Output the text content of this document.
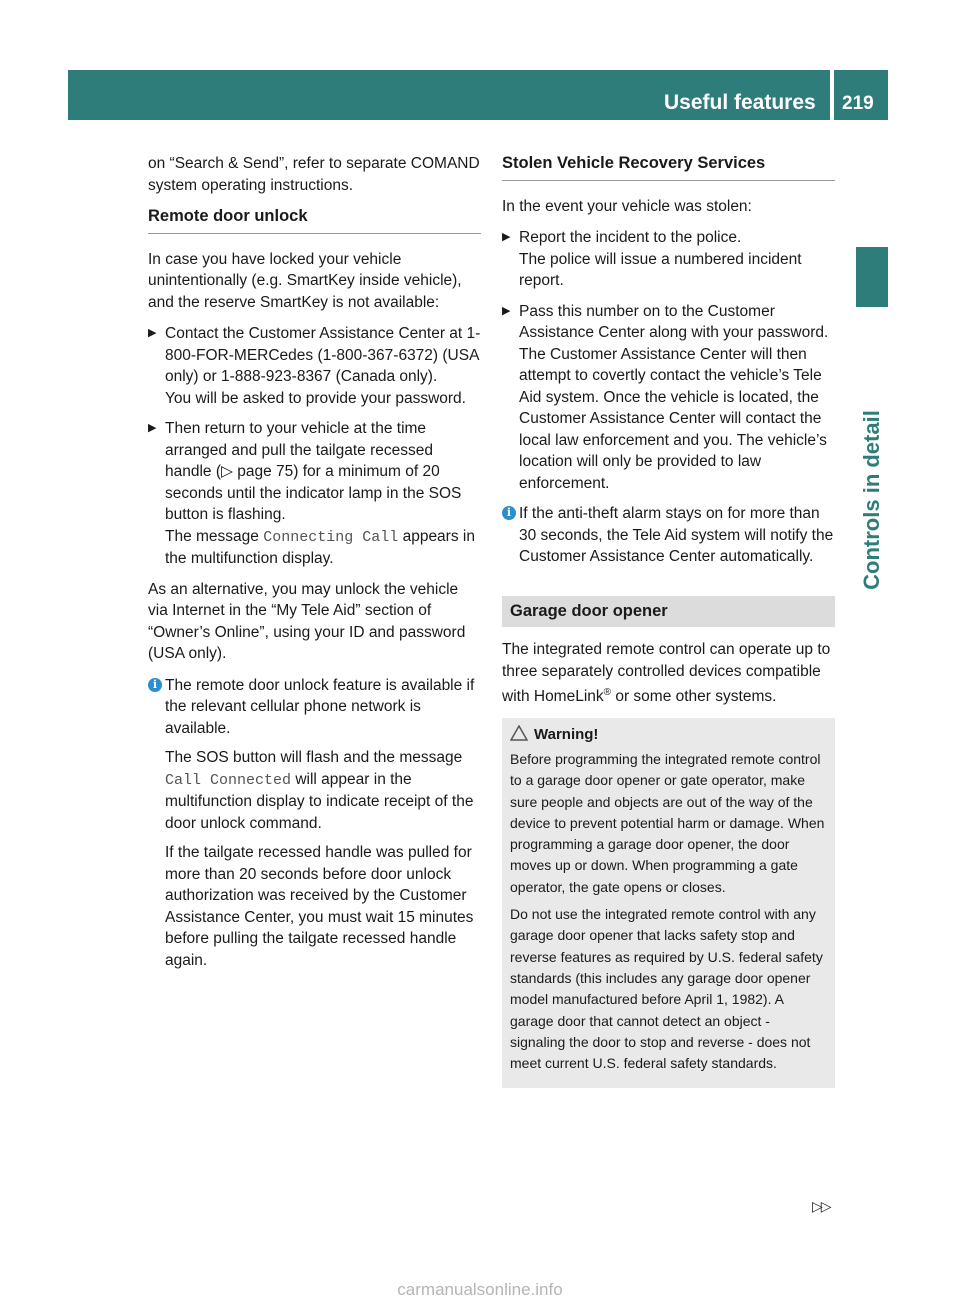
Useful features 219
Controls in detail

on “Search & Send”, refer to separate COMAND system operating instructions.

Remote door unlock

In case you have locked your vehicle unintentionally (e.g. SmartKey inside vehicle), and the reserve SmartKey is not available:

▶ Contact the Customer Assistance Center at 1-800-FOR-MERCedes (1-800-367-6372) (USA only) or 1-888-923-8367 (Canada only).
You will be asked to provide your password.
▶ Then return to your vehicle at the time arranged and pull the tailgate recessed handle (▷ page 75) for a minimum of 20 seconds until the indicator lamp in the SOS button is flashing.
The message Connecting Call appears in the multifunction display.

As an alternative, you may unlock the vehicle via Internet in the “My Tele Aid” section of “Owner’s Online”, using your ID and password (USA only).

i The remote door unlock feature is available if the relevant cellular phone network is available.

The SOS button will flash and the message Call Connected will appear in the multifunction display to indicate receipt of the door unlock command.

If the tailgate recessed handle was pulled for more than 20 seconds before door unlock authorization was received by the Customer Assistance Center, you must wait 15 minutes before pulling the tailgate recessed handle again.

Stolen Vehicle Recovery Services

In the event your vehicle was stolen:

▶ Report the incident to the police.
The police will issue a numbered incident report.
▶ Pass this number on to the Customer Assistance Center along with your password.
The Customer Assistance Center will then attempt to covertly contact the vehicle’s Tele Aid system. Once the vehicle is located, the Customer Assistance Center will contact the local law enforcement and you. The vehicle’s location will only be provided to law enforcement.
i If the anti-theft alarm stays on for more than 30 seconds, the Tele Aid system will notify the Customer Assistance Center automatically.

Garage door opener

The integrated remote control can operate up to three separately controlled devices compatible with HomeLink® or some other systems.

Warning!

Before programming the integrated remote control to a garage door opener or gate operator, make sure people and objects are out of the way of the device to prevent potential harm or damage. When programming a garage door opener, the door moves up or down. When programming a gate operator, the gate opens or closes.

Do not use the integrated remote control with any garage door opener that lacks safety stop and reverse features as required by U.S. federal safety standards (this includes any garage door opener model manufactured before April 1, 1982). A garage door that cannot detect an object - signaling the door to stop and reverse - does not meet current U.S. federal safety standards.

▷▷
carmanualsonline.info
